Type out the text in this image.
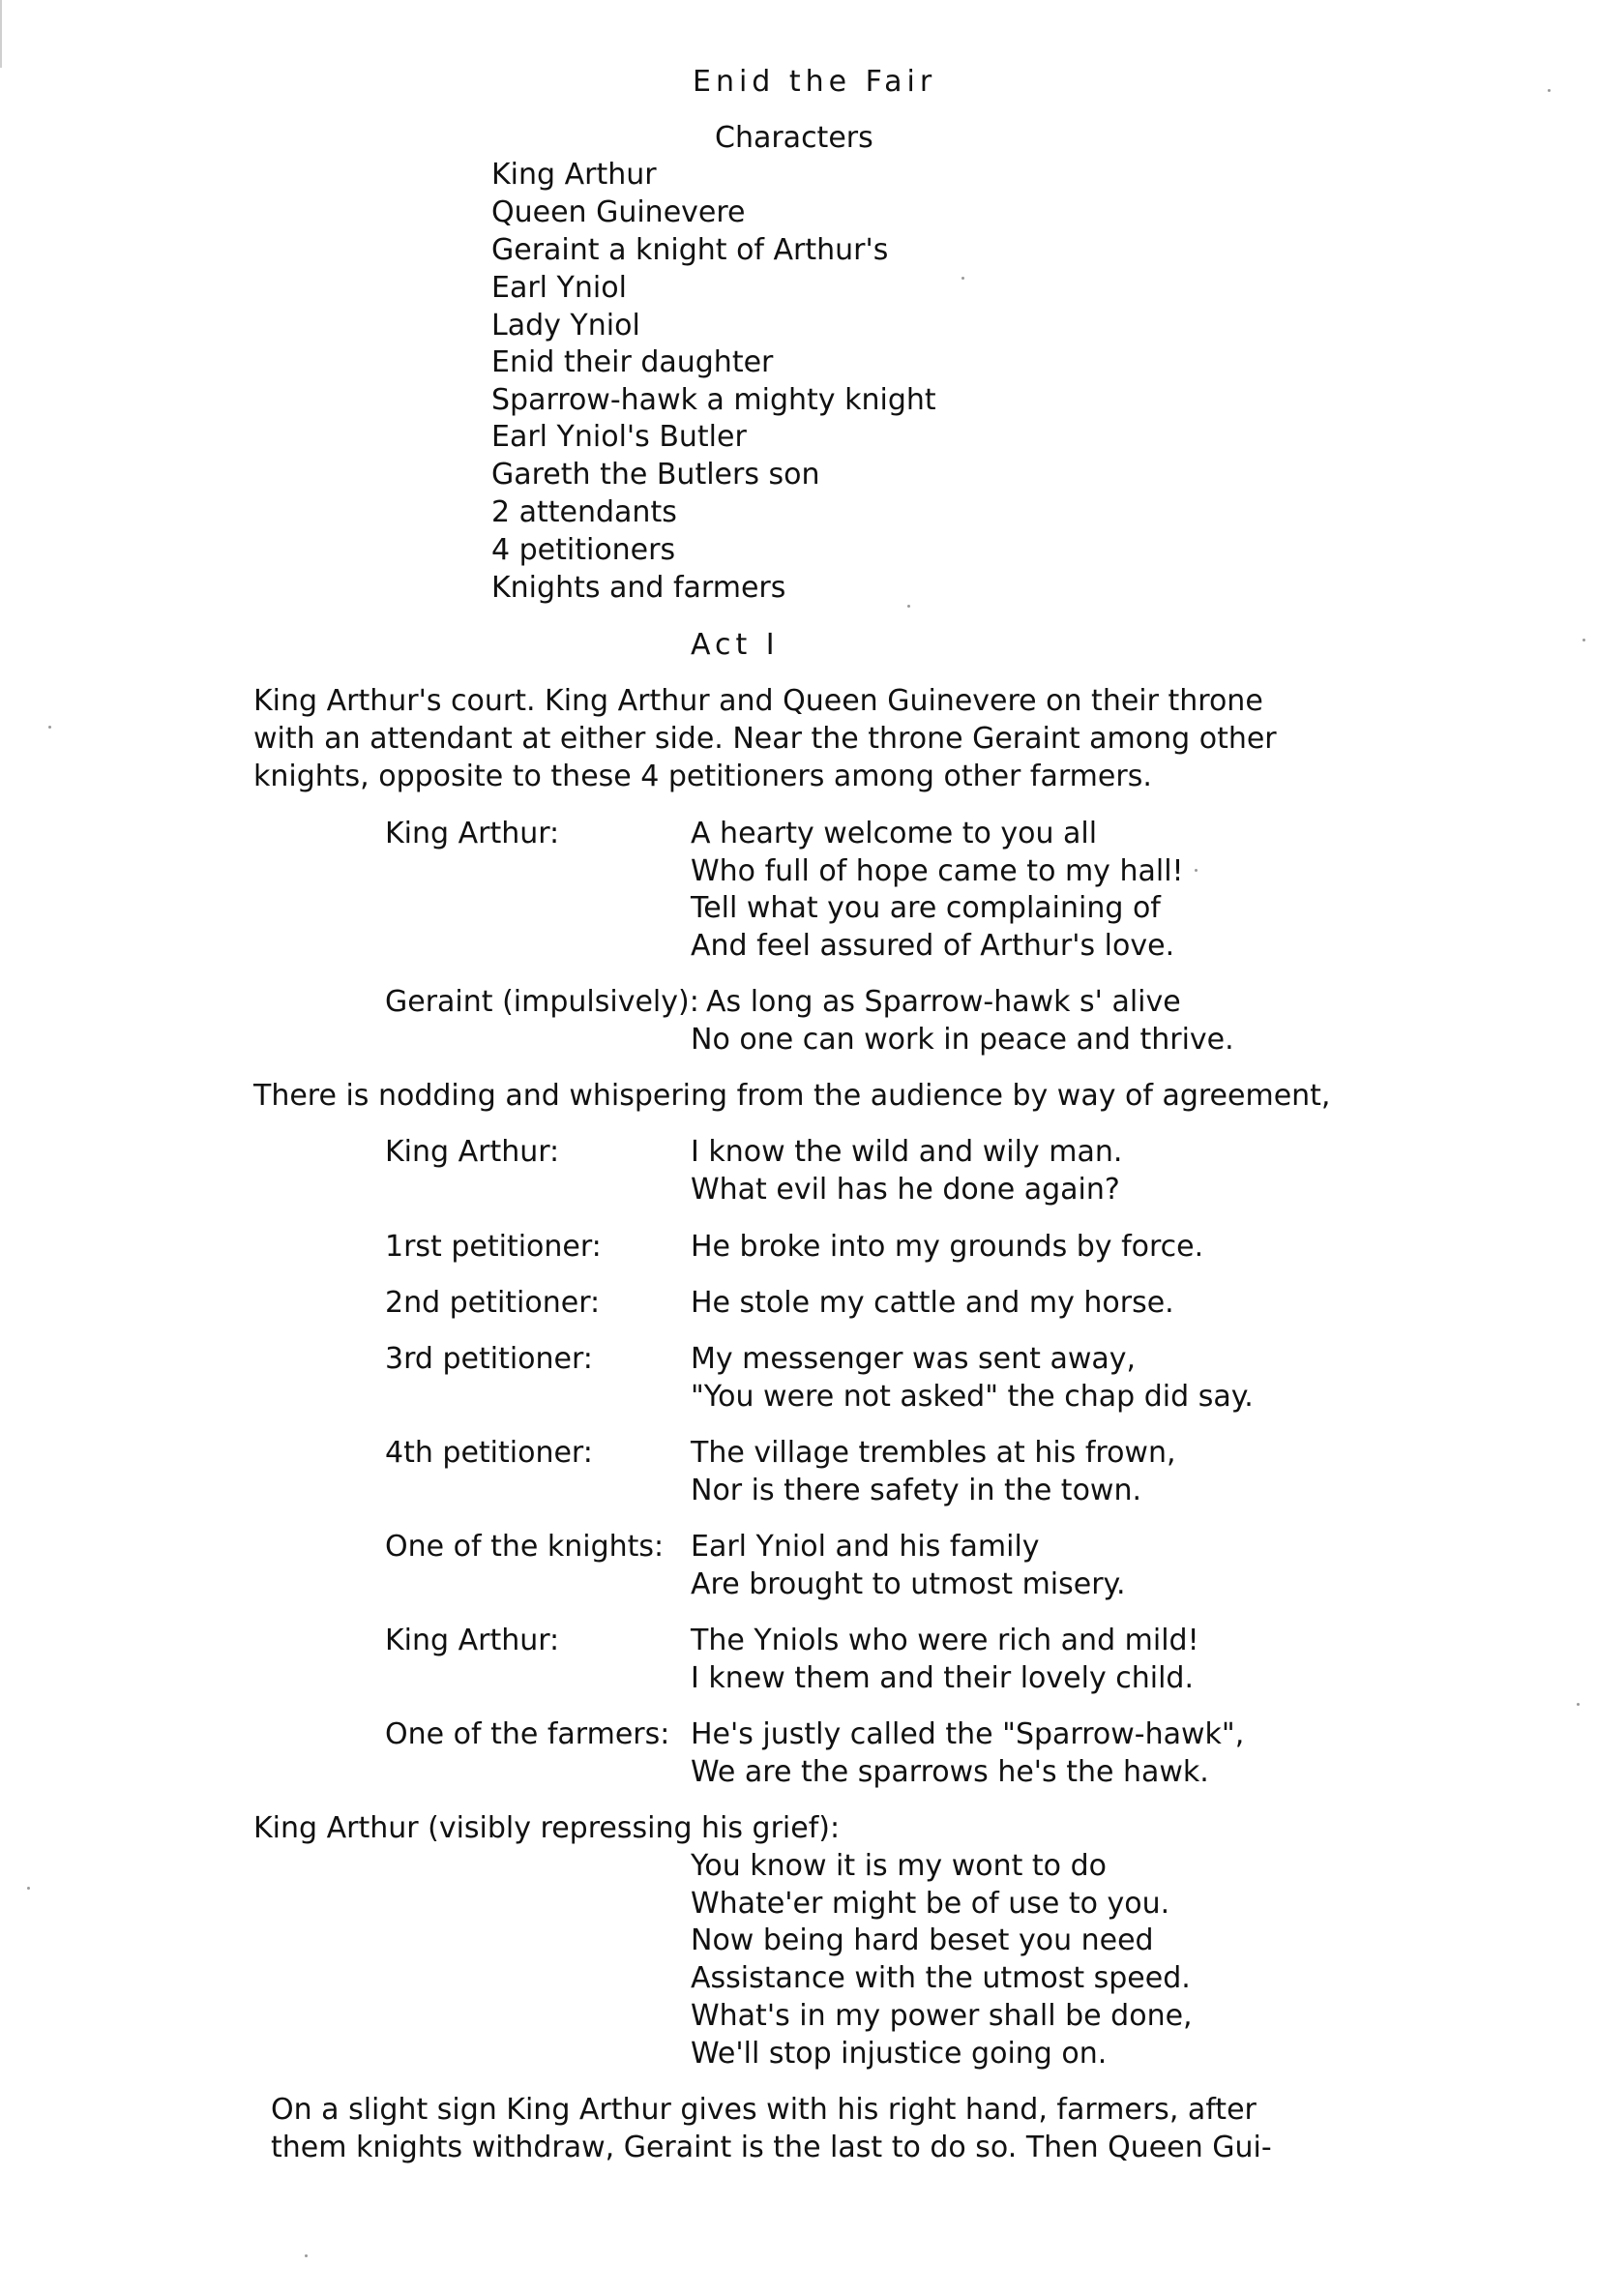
Enid the Fair
Characters
King Arthur
Queen Guinevere
Geraint a knight of Arthur's
Earl Yniol
Lady Yniol
Enid their daughter
Sparrow-hawk a mighty knight
Earl Yniol's Butler
Gareth the Butlers son
2 attendants
4 petitioners
Knights and farmers
Act I
King Arthur's court. King Arthur and Queen Guinevere on their throne
with an attendant at either side. Near the throne Geraint among other
knights, opposite to these 4 petitioners among other farmers.
King Arthur:	A hearty welcome to you all
Who full of hope came to my hall!
Tell what you are complaining of
And feel assured of Arthur's love.
Geraint (impulsively): As long as Sparrow-hawk s' alive
No one can work in peace and thrive.
There is nodding and whispering from the audience by way of agreement,
King Arthur:	I know the wild and wily man.
What evil has he done again?
1rst petitioner:	He broke into my grounds by force.
2nd petitioner:	He stole my cattle and my horse.
3rd petitioner:	My messenger was sent away,
"You were not asked" the chap did say.
4th petitioner:	The village trembles at his frown,
Nor is there safety in the town.
One of the knights: Earl Yniol and his family
Are brought to utmost misery.
King Arthur:	The Yniols who were rich and mild!
I knew them and their lovely child.
One of the farmers: He's justly called the "Sparrow-hawk",
We are the sparrows he's the hawk.
King Arthur (visibly repressing his grief):
You know it is my wont to do
Whate'er might be of use to you.
Now being hard beset you need
Assistance with the utmost speed.
What's in my power shall be done,
We'll stop injustice going on.
On a slight sign King Arthur gives with his right hand, farmers, after
them knights withdraw, Geraint is the last to do so. Then Queen Gui-
